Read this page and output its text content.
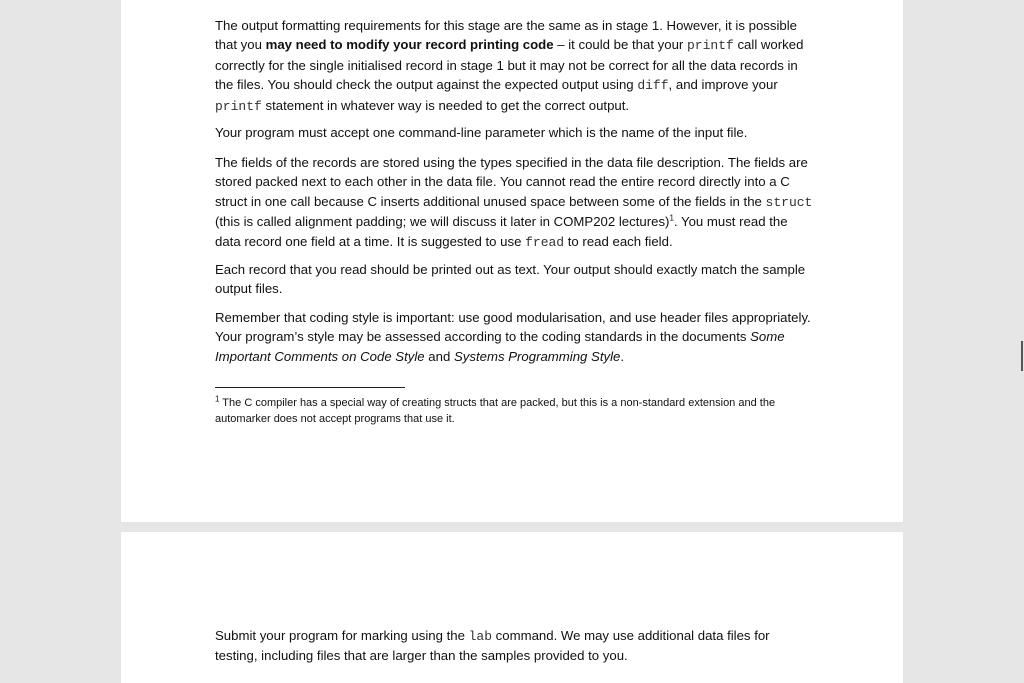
The output formatting requirements for this stage are the same as in stage 1. However, it is possible that you may need to modify your record printing code – it could be that your printf call worked correctly for the single initialised record in stage 1 but it may not be correct for all the data records in the files. You should check the output against the expected output using diff, and improve your printf statement in whatever way is needed to get the correct output.

Your program must accept one command-line parameter which is the name of the input file.

The fields of the records are stored using the types specified in the data file description. The fields are stored packed next to each other in the data file. You cannot read the entire record directly into a C struct in one call because C inserts additional unused space between some of the fields in the struct (this is called alignment padding; we will discuss it later in COMP202 lectures)$^1$. You must read the data record one field at a time. It is suggested to use fread to read each field.

Each record that you read should be printed out as text. Your output should exactly match the sample output files.

Remember that coding style is important: use good modularisation, and use header files appropriately. Your program’s style may be assessed according to the coding standards in the documents Some Important Comments on Code Style and Systems Programming Style.

$^1$ The C compiler has a special way of creating structs that are packed, but this is a non-standard extension and the automarker does not accept programs that use it.

Submit your program for marking using the lab command. We may use additional data files for testing, including files that are larger than the samples provided to you.
